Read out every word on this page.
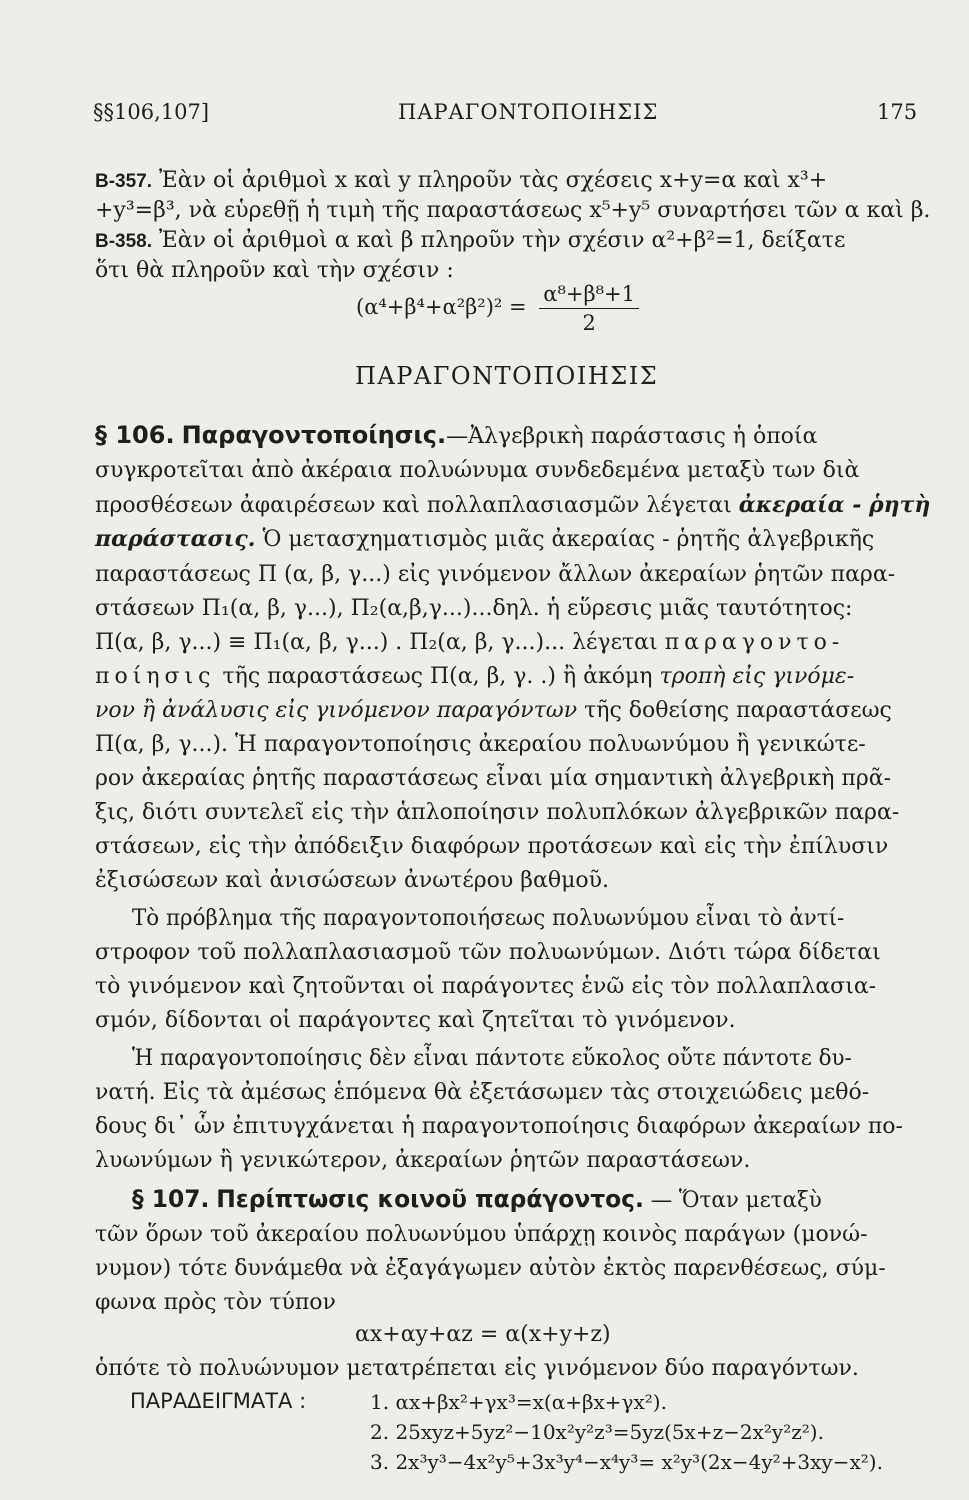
§§106,107]	ΠΑΡΑΓΟΝΤΟΠΟΙΗΣΙΣ	175
B-357. Ἐὰν οἱ ἀριθμοὶ x καὶ y πληροῦν τὰς σχέσεις x+y=α καὶ x³+
+y³=β³, νὰ εὑρεθῇ ἡ τιμὴ τῆς παραστάσεως x⁵+y⁵ συναρτήσει τῶν α καὶ β.
B-358. Ἐὰν οἱ ἀριθμοὶ α καὶ β πληροῦν τὴν σχέσιν α²+β²=1, δείξατε
ὅτι θὰ πληροῦν καὶ τὴν σχέσιν :
$(\alpha^4+\beta^4+\alpha^2\beta^2)^2 = \frac{\text{α⁸+β⁸+1}}{2}$
ΠΑΡΑΓΟΝΤΟΠΟΙΗΣΙΣ
§ 106. Παραγοντοποίησις.—Ἀλγεβρικὴ παράστασις ἡ ὁποία
συγκροτεῖται ἀπὸ ἀκέραια πολυώνυμα συνδεδεμένα μεταξὺ των διὰ
προσθέσεων ἀφαιρέσεων καὶ πολλαπλασιασμῶν λέγεται ἀκεραία - ῥητὴ
παράστασις. Ὁ μετασχηματισμὸς μιᾶς ἀκεραίας - ῥητῆς ἀλγεβρικῆς
παραστάσεως Π (α, β, γ...) εἰς γινόμενον ἄλλων ἀκεραίων ῥητῶν παρα-
στάσεων Π₁(α, β, γ...), Π₂(α,β,γ...)...δηλ. ἡ εὕρεσις μιᾶς ταυτότητος:
Π(α, β, γ...) ≡ Π₁(α, β, γ...) . Π₂(α, β, γ...)... λέγεται παραγοντο-
ποίησις τῆς παραστάσεως Π(α, β, γ. .) ἢ ἀκόμη τροπὴ εἰς γινόμε-
νον ἢ ἀνάλυσις εἰς γινόμενον παραγόντων τῆς δοθείσης παραστάσεως
Π(α, β, γ...). Ἡ παραγοντοποίησις ἀκεραίου πολυωνύμου ἢ γενικώτε-
ρον ἀκεραίας ῥητῆς παραστάσεως εἶναι μία σημαντικὴ ἀλγεβρικὴ πρᾶ-
ξις, διότι συντελεῖ εἰς τὴν ἁπλοποίησιν πολυπλόκων ἀλγεβρικῶν παρα-
στάσεων, εἰς τὴν ἀπόδειξιν διαφόρων προτάσεων καὶ εἰς τὴν ἐπίλυσιν
ἐξισώσεων καὶ ἀνισώσεων ἀνωτέρου βαθμοῦ.
Τὸ πρόβλημα τῆς παραγοντοποιήσεως πολυωνύμου εἶναι τὸ ἀντί-
στροφον τοῦ πολλαπλασιασμοῦ τῶν πολυωνύμων. Διότι τώρα δίδεται
τὸ γινόμενον καὶ ζητοῦνται οἱ παράγοντες ἑνῶ εἰς τὸν πολλαπλασια-
σμόν, δίδονται οἱ παράγοντες καὶ ζητεῖται τὸ γινόμενον.
Ἡ παραγοντοποίησις δὲν εἶναι πάντοτε εὔκολος οὔτε πάντοτε δυ-
νατή. Εἰς τὰ ἀμέσως ἑπόμενα θὰ ἐξετάσωμεν τὰς στοιχειώδεις μεθό-
δους δι᾿ ὧν ἐπιτυγχάνεται ἡ παραγοντοποίησις διαφόρων ἀκεραίων πο-
λυωνύμων ἢ γενικώτερον, ἀκεραίων ῥητῶν παραστάσεων.
§ 107. Περίπτωσις κοινοῦ παράγοντος. — Ὅταν μεταξὺ
τῶν ὅρων τοῦ ἀκεραίου πολυωνύμου ὑπάρχῃ κοινὸς παράγων (μονώ-
νυμον) τότε δυνάμεθα νὰ ἐξαγάγωμεν αὐτὸν ἐκτὸς παρενθέσεως, σύμ-
φωνα πρὸς τὸν τύπον
αx+αy+αz = α(x+y+z)
ὁπότε τὸ πολυώνυμον μετατρέπεται εἰς γινόμενον δύο παραγόντων.
ΠΑΡΑΔΕΙΓΜΑΤΑ :	1. αx+βx²+γx³=x(α+βx+γx²).
2. 25xyz+5yz²−10x²y²z³=5yz(5x+z−2x²y²z²).
3. 2x³y³−4x²y⁵+3x³y⁴−x⁴y³= x²y³(2x−4y²+3xy−x²).
